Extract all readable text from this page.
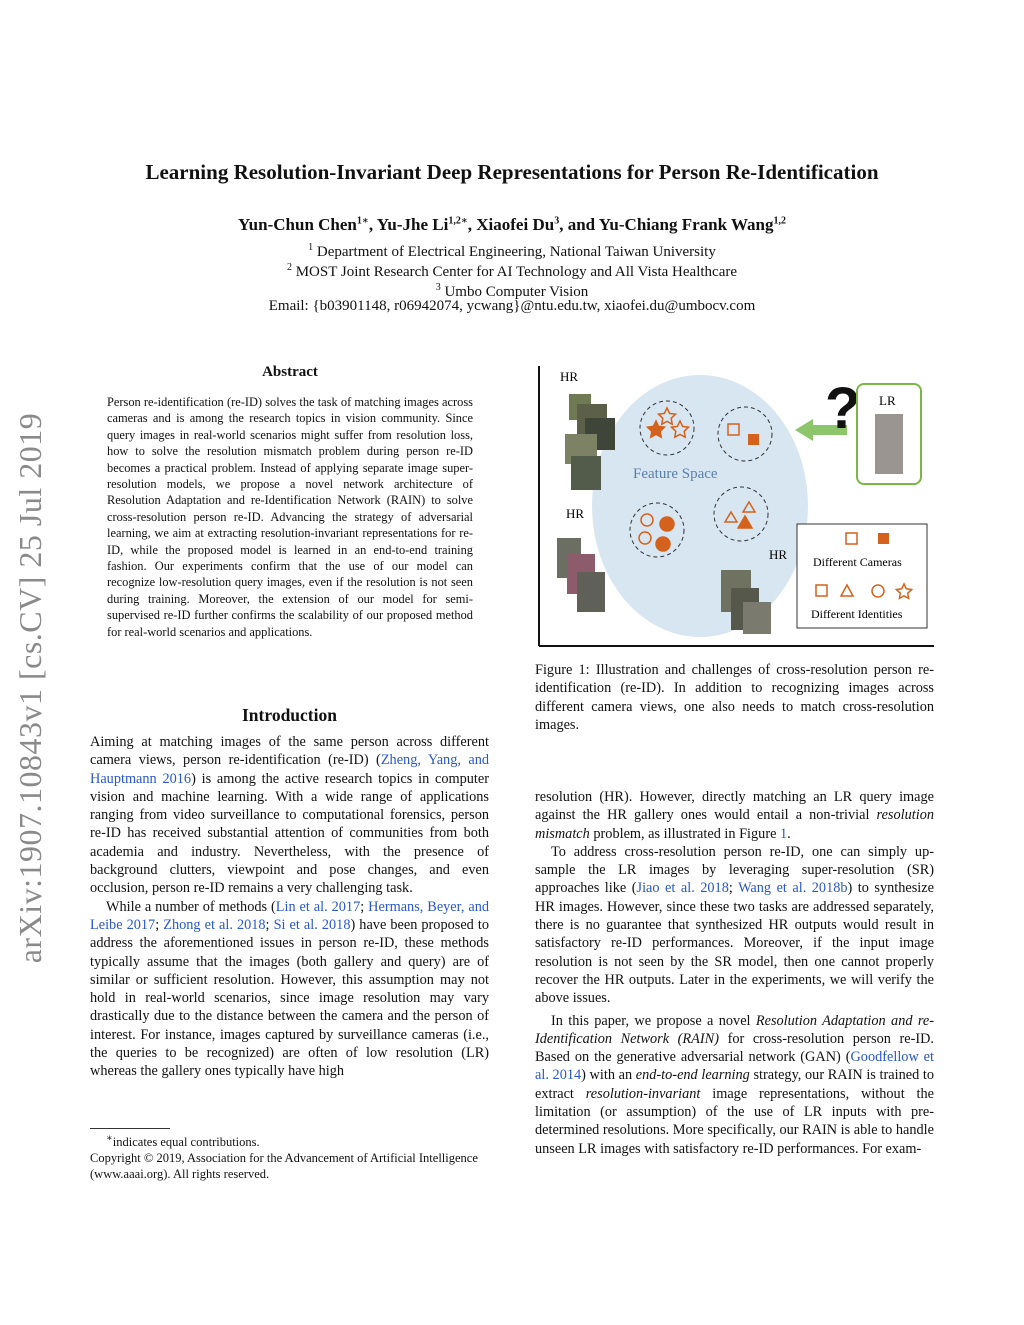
Learning Resolution-Invariant Deep Representations for Person Re-Identification
Yun-Chun Chen$^{1∗}$, Yu-Jhe $Li^{1,2∗}$, Xiaofei Du$^3$, and Yu-Chiang Frank Wang$^{1,2}$
$^1$ Department of Electrical Engineering, National Taiwan University
$^2$ MOST Joint Research Center for AI Technology and All Vista Healthcare
$^3$ Umbo Computer Vision
Email: {b03901148, r06942074, ycwang}@ntu.edu.tw, xiaofei.du@umbocv.com
arXiv:1907.10843v1 [cs.CV] 25 Jul 2019
Abstract
Person re-identification (re-ID) solves the task of matching images across cameras and is among the research topics in vision community. Since query images in real-world scenarios might suffer from resolution loss, how to solve the resolution mismatch problem during person re-ID becomes a practical problem. Instead of applying separate image super-resolution models, we propose a novel network architecture of Resolution Adaptation and re-Identification Network (RAIN) to solve cross-resolution person re-ID. Advancing the strategy of adversarial learning, we aim at extracting resolution-invariant representations for re-ID, while the proposed model is learned in an end-to-end training fashion. Our experiments confirm that the use of our model can recognize low-resolution query images, even if the resolution is not seen during training. Moreover, the extension of our model for semi-supervised re-ID further confirms the scalability of our proposed method for real-world scenarios and applications.
Introduction

Aiming at matching images of the same person across different camera views, person re-identification (re-ID) (Zheng, Yang, and Hauptmann 2016) is among the active research topics in computer vision and machine learning. With a wide range of applications ranging from video surveillance to computational forensics, person re-ID has received substantial attention of communities from both academia and industry. Nevertheless, with the presence of background clutters, viewpoint and pose changes, and even occlusion, person re-ID remains a very challenging task.

While a number of methods (Lin et al. 2017; Hermans, Beyer, and Leibe 2017; Zhong et al. 2018; Si et al. 2018) have been proposed to address the aforementioned issues in person re-ID, these methods typically assume that the images (both gallery and query) are of similar or sufficient resolution. However, this assumption may not hold in real-world scenarios, since image resolution may vary drastically due to the distance between the camera and the person of interest. For instance, images captured by surveillance cameras (i.e., the queries to be recognized) are often of low resolution (LR) whereas the gallery ones typically have high

∗indicates equal contributions.
Copyright © 2019, Association for the Advancement of Artificial Intelligence (www.aaai.org). All rights reserved.
? LR
HR
HR
HR
Feature Space
Different Cameras
Different Identities
Figure 1: Illustration and challenges of cross-resolution person re-identification (re-ID). In addition to recognizing images across different camera views, one also needs to match cross-resolution images.

resolution (HR). However, directly matching an LR query image against the HR gallery ones would entail a non-trivial resolution mismatch problem, as illustrated in Figure 1.

To address cross-resolution person re-ID, one can simply up-sample the LR images by leveraging super-resolution (SR) approaches like (Jiao et al. 2018; Wang et al. 2018b) to synthesize HR images. However, since these two tasks are addressed separately, there is no guarantee that synthesized HR outputs would result in satisfactory re-ID performances. Moreover, if the input image resolution is not seen by the SR model, then one cannot properly recover the HR outputs. Later in the experiments, we will verify the above issues.

In this paper, we propose a novel Resolution Adaptation and re-Identification Network (RAIN) for cross-resolution person re-ID. Based on the generative adversarial network (GAN) (Goodfellow et al. 2014) with an end-to-end learning strategy, our RAIN is trained to extract resolution-invariant image representations, without the limitation (or assumption) of the use of LR inputs with pre-determined resolutions. More specifically, our RAIN is able to handle unseen LR images with satisfactory re-ID performances. For exam-
